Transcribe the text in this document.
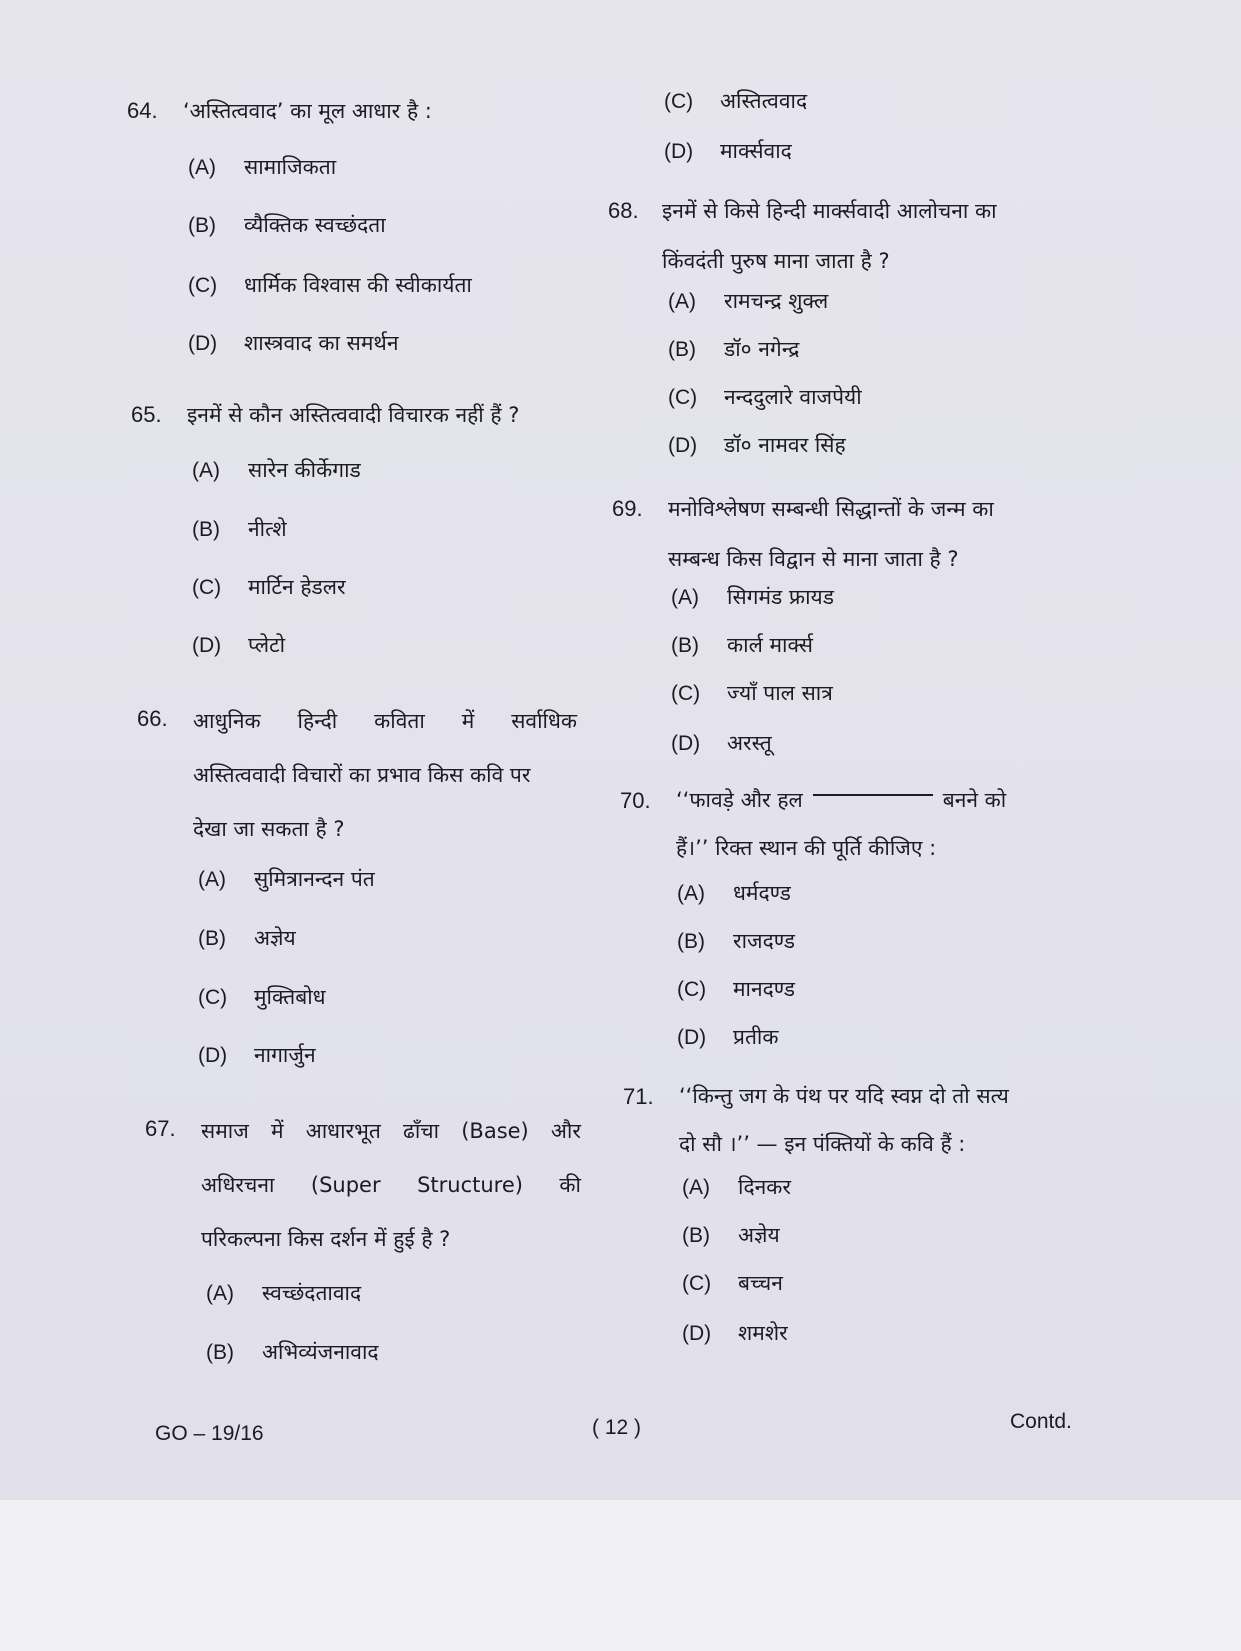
64. ‘अस्तित्ववाद’ का मूल आधार है :
(A) सामाजिकता
(B) व्यैक्तिक स्वच्छंदता
(C) धार्मिक विश्वास की स्वीकार्यता
(D) शास्त्रवाद का समर्थन
65. इनमें से कौन अस्तित्ववादी विचारक नहीं हैं ?
(A) सारेन कीर्केगाड
(B) नीत्शे
(C) मार्टिन हेडलर
(D) प्लेटो
66. आधुनिक हिन्दी कविता में सर्वाधिक
अस्तित्ववादी विचारों का प्रभाव किस कवि पर
देखा जा सकता है ?
(A) सुमित्रानन्दन पंत
(B) अज्ञेय
(C) मुक्तिबोध
(D) नागार्जुन
67. समाज में आधारभूत ढाँचा (Base) और
अधिरचना (Super Structure) की
परिकल्पना किस दर्शन में हुई है ?
(A) स्वच्छंदतावाद
(B) अभिव्यंजनावाद
(C) अस्तित्ववाद
(D) मार्क्सवाद
68. इनमें से किसे हिन्दी मार्क्सवादी आलोचना का
किंवदंती पुरुष माना जाता है ?
(A) रामचन्द्र शुक्ल
(B) डॉ० नगेन्द्र
(C) नन्ददुलारे वाजपेयी
(D) डॉ० नामवर सिंह
69. मनोविश्लेषण सम्बन्धी सिद्धान्तों के जन्म का
सम्बन्ध किस विद्वान से माना जाता है ?
(A) सिगमंड फ्रायड
(B) कार्ल मार्क्स
(C) ज्याँ पाल सात्र
(D) अरस्तू
70. ‘‘फावड़े और हल	बनने को
हैं।’’ रिक्त स्थान की पूर्ति कीजिए :
(A) धर्मदण्ड
(B) राजदण्ड
(C) मानदण्ड
(D) प्रतीक
71. ‘‘किन्तु जग के पंथ पर यदि स्वप्न दो तो सत्य
दो सौ ।’’ — इन पंक्तियों के कवि हैं :
(A) दिनकर
(B) अज्ञेय
(C) बच्चन
(D) शमशेर
GO – 19/16	( 12 )	Contd.
